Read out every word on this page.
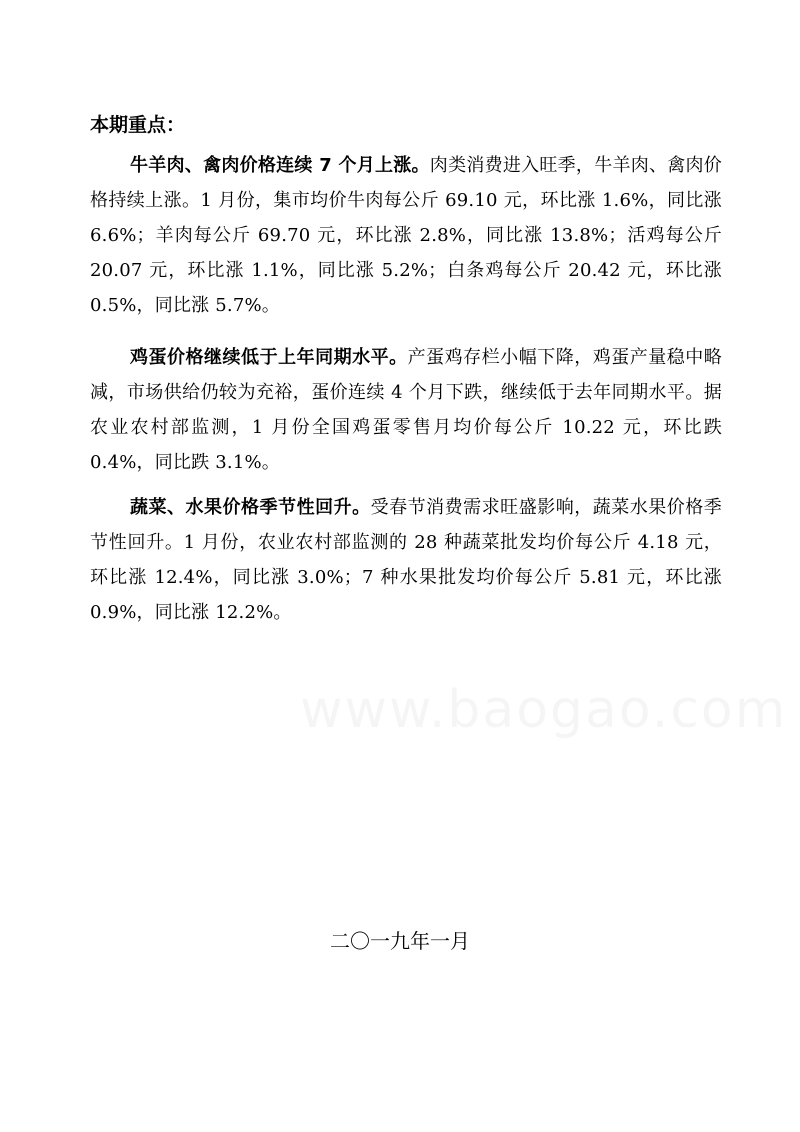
本期重点：

牛羊肉、禽肉价格连续 7 个月上涨。肉类消费进入旺季，牛羊肉、禽肉价格持续上涨。1 月份，集市均价牛肉每公斤 69.10 元，环比涨 1.6%，同比涨 6.6%；羊肉每公斤 69.70 元，环比涨 2.8%，同比涨 13.8%；活鸡每公斤 20.07 元，环比涨 1.1%，同比涨 5.2%；白条鸡每公斤 20.42 元，环比涨 0.5%，同比涨 5.7%。

鸡蛋价格继续低于上年同期水平。产蛋鸡存栏小幅下降，鸡蛋产量稳中略减，市场供给仍较为充裕，蛋价连续 4 个月下跌，继续低于去年同期水平。据农业农村部监测，1 月份全国鸡蛋零售月均价每公斤 10.22 元，环比跌 0.4%，同比跌 3.1%。

蔬菜、水果价格季节性回升。受春节消费需求旺盛影响，蔬菜水果价格季节性回升。1 月份，农业农村部监测的 28 种蔬菜批发均价每公斤 4.18 元，环比涨 12.4%，同比涨 3.0%；7 种水果批发均价每公斤 5.81 元，环比涨 0.9%，同比涨 12.2%。

二〇一九年一月
